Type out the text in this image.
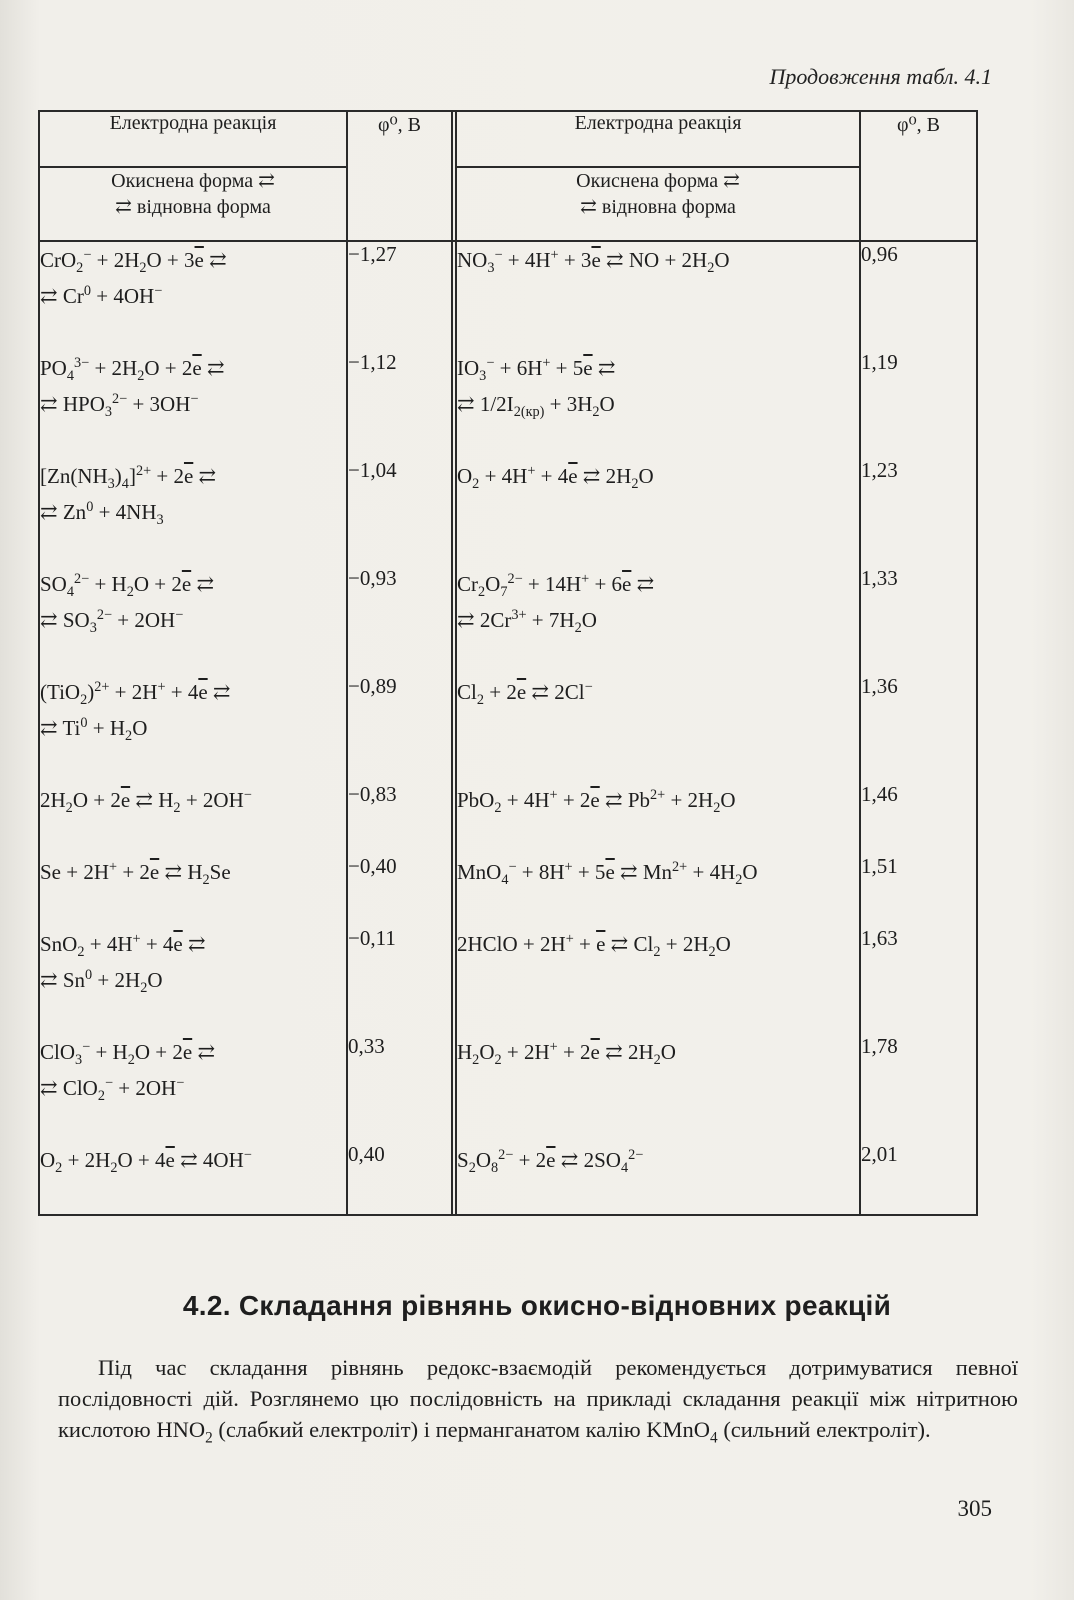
Продовження табл. 4.1
Електродна реакція	φ⁰, В		Електродна реакція	φ⁰, В
Окиснена форма ⇄
⇄ відновна форма			Окиснена форма ⇄
⇄ відновна форма	
$CrO_2^- + 2H_2O + 3\overline{e}$ ⇄
⇄ $Cr^0 + 4OH^-$	−1,27		$NO_3^- + 4H^+ + 3\overline{e}$ ⇄ NO + $2H_2O$	0,96
$PO_4^{3-} + 2H_2O + 2\overline{e}$ ⇄
⇄ $HPO_3^{2-} + 3OH^-$	−1,12		$IO_3^- + 6H^+ + 5\overline{e}$ ⇄
⇄ $1/2I_{2(кр)} + 3H_2O$	1,19
$[Zn(NH_3)_4]^{2+} + 2\overline{e}$ ⇄
⇄ $Zn^0 + 4NH_3$	−1,04		$O_2 + 4H^+ + 4\overline{e}$ ⇄ $2H_2O$	1,23
$SO_4^{2-} + H_2O + 2\overline{e}$ ⇄
⇄ $SO_3^{2-} + 2OH^-$	−0,93		$Cr_2O_7^{2-} + 14H^+ + 6\overline{e}$ ⇄
⇄ $2Cr^{3+} + 7H_2O$	1,33
$(TiO_2)^{2+} + 2H^+ + 4\overline{e}$ ⇄
⇄ $Ti^0 + H_2O$	−0,89		$Cl_2 + 2\overline{e}$ ⇄ 2Cl−	1,36
$2H_2O + 2\overline{e}$ ⇄ $H_2 + 2OH^-$	−0,83		$PbO_2 + 4H^+ + 2\overline{e}$ ⇄ $Pb^{2+} + 2H_2O$	1,46
$Se + 2H^+ + 2\overline{e}$ ⇄ $H_2Se$	−0,40		$MnO_4^- + 8H^+ + 5\overline{e}$ ⇄ $Mn^{2+} + 4H_2O$	1,51
$SnO_2 + 4H^+ + 4\overline{e}$ ⇄
⇄ $Sn^0 + 2H_2O$	−0,11		2HClO + $2H^+ + \overline{e}$ ⇄ $Cl_2 + 2H_2O$	1,63
$ClO_3^- + H_2O + 2\overline{e}$ ⇄
⇄ ClO$_2$− + 2OH−	0,33		$H_2O_2 + 2H^+ + 2\overline{e}$ ⇄ $2H_2O$	1,78
$O_2 + 2H_2O + 4\overline{e}$ ⇄ 4OH−	0,40		$S_2O_8^{2-} + 2\overline{e}$ ⇄ $2SO_4^{2-}$	2,01
4.2. Складання рівнянь окисно-відновних реакцій
Під час складання рівнянь редокс-взаємодій рекомендується дотримуватися певної послідовності дій. Розглянемо цю послідовність на прикладі складання реакції між нітритною кислотою $HNO_2$ (слабкий електроліт) і перманганатом калію KMnO$_4$ (сильний електроліт).
305
